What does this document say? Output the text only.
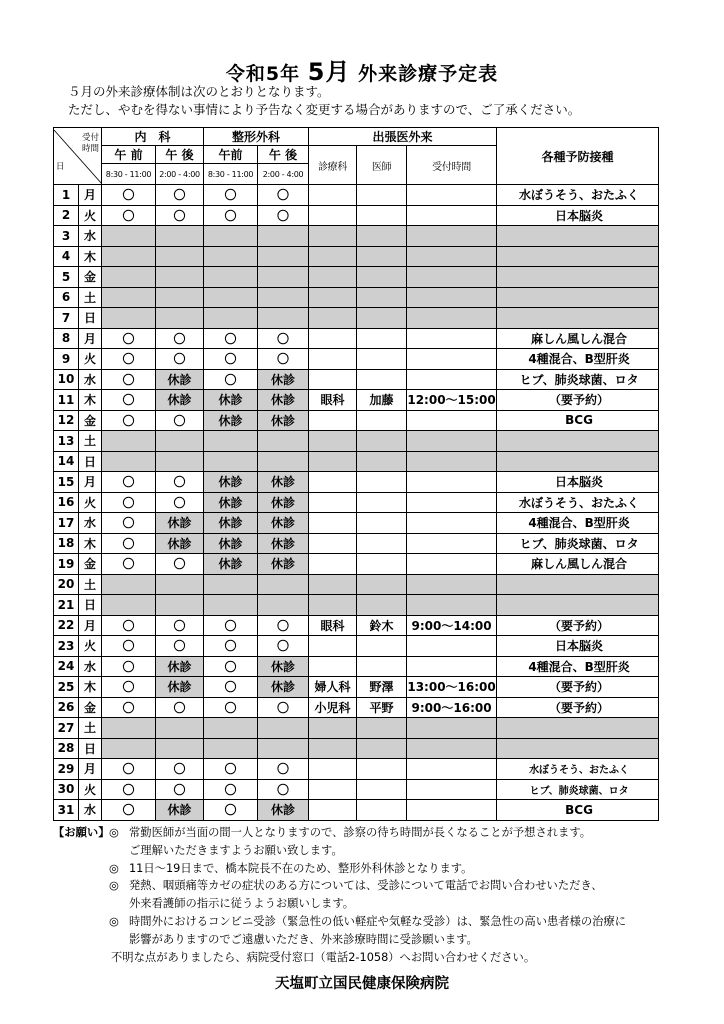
令和5年 5月 外来診療予定表
５月の外来診療体制は次のとおりとなります。
ただし、やむを得ない事情により予告なく変更する場合がありますので、ご了承ください。
受付
時間
日		内　科		整形外科		出張医外来			各種予防接種
		午 前	午 後	午前	午 後	診療科	医師	受付時間	
		8:30 - 11:00	2:00 - 4:00	8:30 - 11:00	2:00 - 4:00				
1	月	〇	〇	〇	〇				水ぼうそう、おたふく
2	火	〇	〇	〇	〇				日本脳炎
3	水								
4	木								
5	金								
6	土								
7	日								
8	月	〇	〇	〇	〇				麻しん風しん混合
9	火	〇	〇	〇	〇				4種混合、B型肝炎
10	水	〇	休診	〇	休診				ヒブ、肺炎球菌、ロタ
11	木	〇	休診	休診	休診	眼科	加藤	12:00～15:00	（要予約）
12	金	〇	〇	休診	休診				BCG
13	土								
14	日								
15	月	〇	〇	休診	休診				日本脳炎
16	火	〇	〇	休診	休診				水ぼうそう、おたふく
17	水	〇	休診	休診	休診				4種混合、B型肝炎
18	木	〇	休診	休診	休診				ヒブ、肺炎球菌、ロタ
19	金	〇	〇	休診	休診				麻しん風しん混合
20	土								
21	日								
22	月	〇	〇	〇	〇	眼科	鈴木	9:00～14:00	（要予約）
23	火	〇	〇	〇	〇				日本脳炎
24	水	〇	休診	〇	休診				4種混合、B型肝炎
25	木	〇	休診	〇	休診	婦人科	野澤	13:00～16:00	（要予約）
26	金	〇	〇	〇	〇	小児科	平野	9:00～16:00	（要予約）
27	土								
28	日								
29	月	〇	〇	〇	〇				水ぼうそう、おたふく
30	火	〇	〇	〇	〇				ヒブ、肺炎球菌、ロタ
31	水	〇	休診	〇	休診				BCG
【お願い】◎ 常勤医師が当面の間一人となりますので、診察の待ち時間が長くなることが予想されます。
ご理解いただきますようお願い致します。
◎ 11日～19日まで、橋本院長不在のため、整形外科休診となります。
◎ 発熱、咽頭痛等カゼの症状のある方については、受診について電話でお問い合わせいただき、
外来看護師の指示に従うようお願いします。
◎ 時間外におけるコンビニ受診（緊急性の低い軽症や気軽な受診）は、緊急性の高い患者様の治療に
影響がありますのでご遠慮いただき、外来診療時間に受診願います。
不明な点がありましたら、病院受付窓口（電話2-1058）へお問い合わせください。
天塩町立国民健康保険病院
